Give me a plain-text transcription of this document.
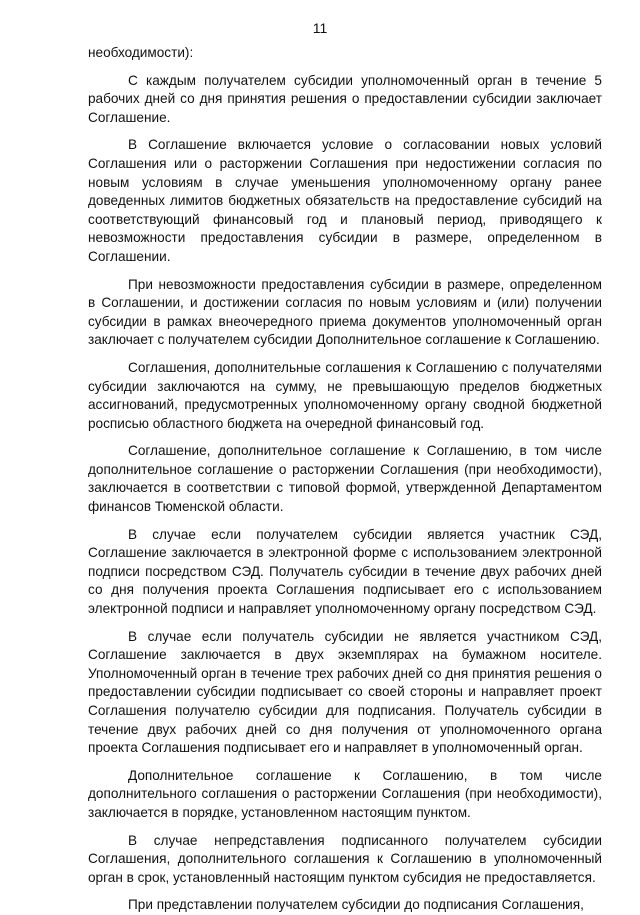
11

необходимости):

С каждым получателем субсидии уполномоченный орган в течение 5 рабочих дней со дня принятия решения о предоставлении субсидии заключает Соглашение.

В Соглашение включается условие о согласовании новых условий Соглашения или о расторжении Соглашения при недостижении согласия по новым условиям в случае уменьшения уполномоченному органу ранее доведенных лимитов бюджетных обязательств на предоставление субсидий на соответствующий финансовый год и плановый период, приводящего к невозможности предоставления субсидии в размере, определенном в Соглашении.

При невозможности предоставления субсидии в размере, определенном в Соглашении, и достижении согласия по новым условиям и (или) получении субсидии в рамках внеочередного приема документов уполномоченный орган заключает с получателем субсидии Дополнительное соглашение к Соглашению.

Соглашения, дополнительные соглашения к Соглашению с получателями субсидии заключаются на сумму, не превышающую пределов бюджетных ассигнований, предусмотренных уполномоченному органу сводной бюджетной росписью областного бюджета на очередной финансовый год.

Соглашение, дополнительное соглашение к Соглашению, в том числе дополнительное соглашение о расторжении Соглашения (при необходимости), заключается в соответствии с типовой формой, утвержденной Департаментом финансов Тюменской области.

В случае если получателем субсидии является участник СЭД, Соглашение заключается в электронной форме с использованием электронной подписи посредством СЭД. Получатель субсидии в течение двух рабочих дней со дня получения проекта Соглашения подписывает его с использованием электронной подписи и направляет уполномоченному органу посредством СЭД.

В случае если получатель субсидии не является участником СЭД, Соглашение заключается в двух экземплярах на бумажном носителе. Уполномоченный орган в течение трех рабочих дней со дня принятия решения о предоставлении субсидии подписывает со своей стороны и направляет проект Соглашения получателю субсидии для подписания. Получатель субсидии в течение двух рабочих дней со дня получения от уполномоченного органа проекта Соглашения подписывает его и направляет в уполномоченный орган.

Дополнительное соглашение к Соглашению, в том числе дополнительного соглашения о расторжении Соглашения (при необходимости), заключается в порядке, установленном настоящим пунктом.

В случае непредставления подписанного получателем субсидии Соглашения, дополнительного соглашения к Соглашению в уполномоченный орган в срок, установленный настоящим пунктом субсидия не предоставляется.

При представлении получателем субсидии до подписания Соглашения,
